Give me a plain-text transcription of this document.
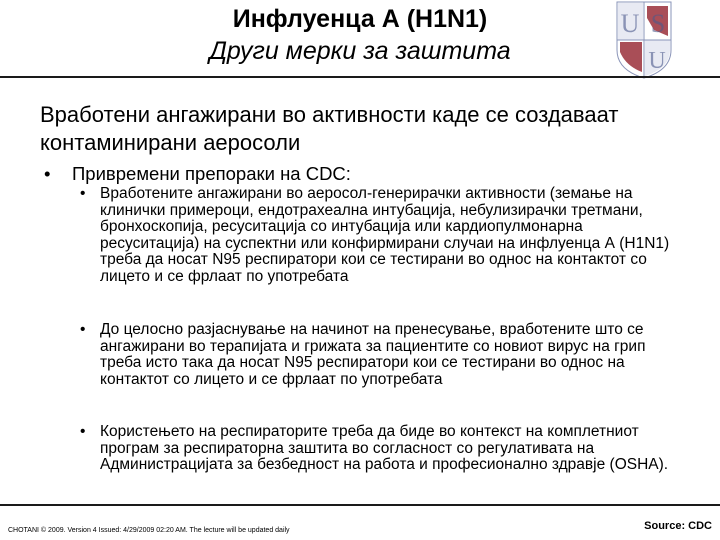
Инфлуенца А (H1N1)
Други мерки за заштита
U S
U
Вработени ангажирани во активности каде се создаваат контаминирани аеросоли
• Привремени препораки на CDC:
• Вработените ангажирани во аеросол-генерирачки активности (земање на клинички примероци, ендотрахеална интубација, небулизирачки третмани, бронхоскопија, ресуситација со интубација или кардиопулмонарна ресуситација) на суспектни или конфирмирани случаи на инфлуенца А (H1N1) треба да носат N95 респиратори кои се тестирани во однос на контактот со лицето и се фрлаат по употребата
• До целосно разјаснување на начинот на пренесување, вработените што се ангажирани во терапијата и грижата за пациентите со новиот вирус на грип треба исто така да носат N95 респиратори кои се тестирани во однос на контактот со лицето и се фрлаат по употребата
• Користењето на респираторите треба да биде во контекст на комплетниот програм за респираторна заштита во согласност со регулативата на Администрацијата за безбедност на работа и професионално здравје (OSHA).
CHOTANI © 2009. Version 4 Issued: 4/29/2009 02:20 AM. The lecture will be updated daily	Source: CDC
